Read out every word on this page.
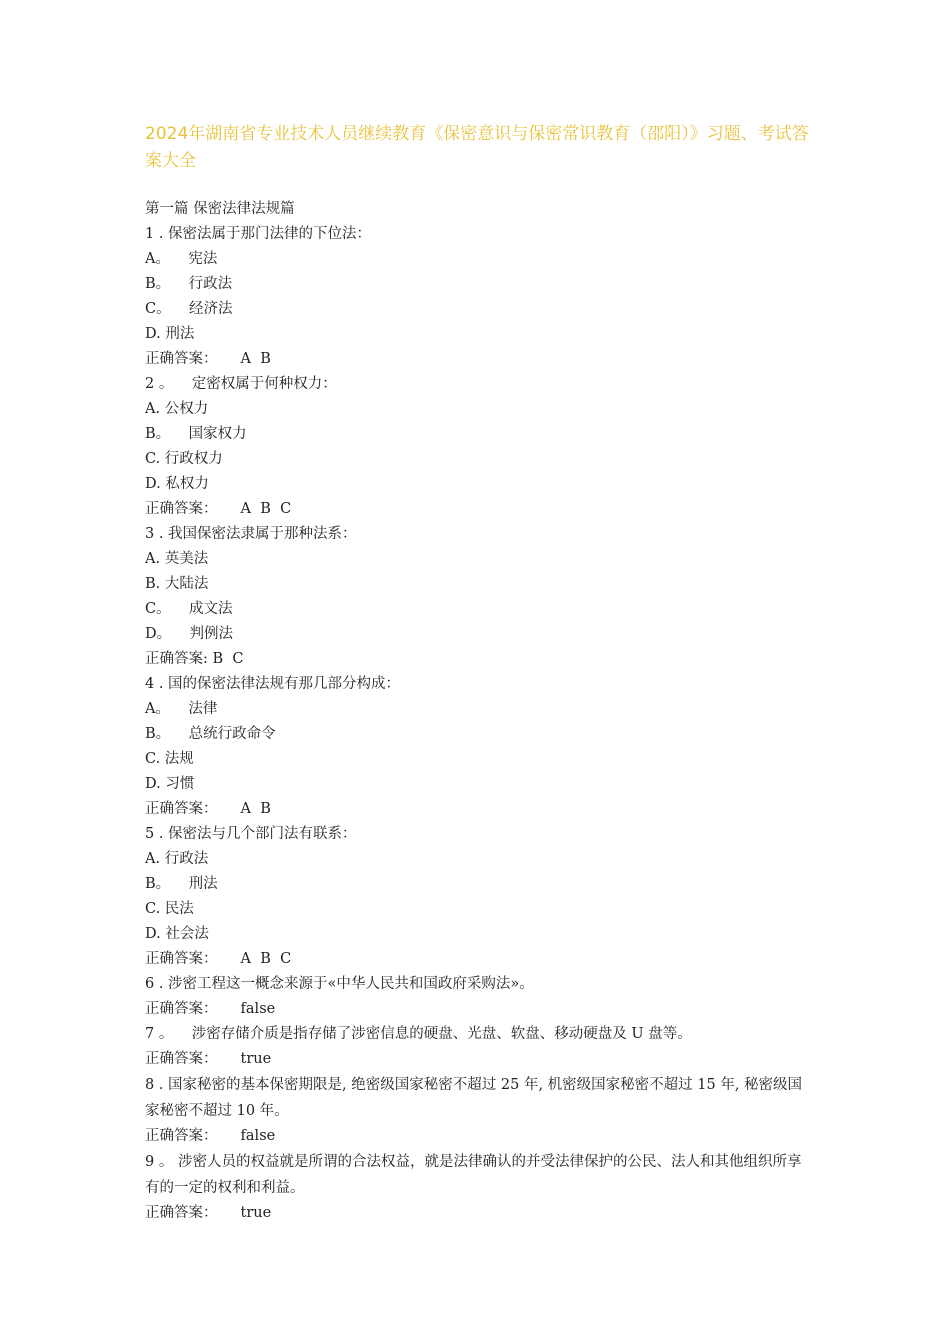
2024年湖南省专业技术人员继续教育《保密意识与保密常识教育（邵阳）》习题、考试答案大全

第一篇 保密法律法规篇

1 . 保密法属于那门法律的下位法：

A。    宪法

B。    行政法

C。    经济法

D. 刑法

正确答案：     A  B

2 。    定密权属于何种权力：

A. 公权力

B。    国家权力

C. 行政权力

D. 私权力

正确答案：     A  B  C

3 . 我国保密法隶属于那种法系：

A. 英美法

B. 大陆法

C。    成文法

D。    判例法

正确答案: B  C

4 . 国的保密法律法规有那几部分构成：

A。    法律

B。    总统行政命令

C. 法规

D. 习惯

正确答案：     A  B

5 . 保密法与几个部门法有联系：

A. 行政法

B。    刑法

C. 民法

D. 社会法

正确答案：     A  B  C

6 . 涉密工程这一概念来源于«中华人民共和国政府采购法»。

正确答案：     false

7 。    涉密存储介质是指存储了涉密信息的硬盘、光盘、软盘、移动硬盘及 U 盘等。

正确答案：     true

8 . 国家秘密的基本保密期限是, 绝密级国家秘密不超过 25 年, 机密级国家秘密不超过 15 年, 秘密级国家秘密不超过 10 年。

正确答案：     false

9 。 涉密人员的权益就是所谓的合法权益，就是法律确认的并受法律保护的公民、法人和其他组织所享有的一定的权利和利益。

正确答案：     true
